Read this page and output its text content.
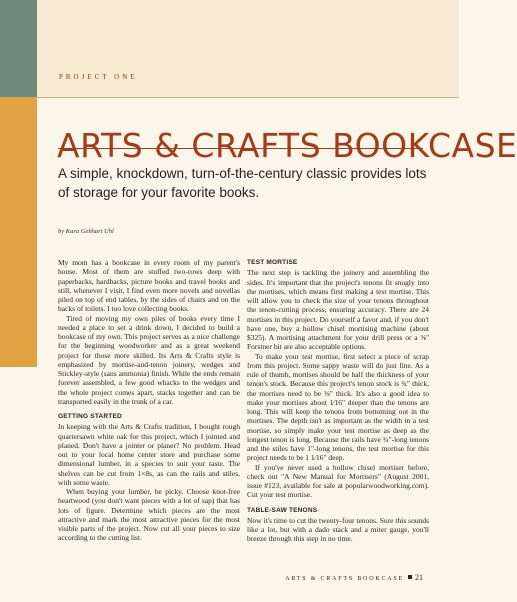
PROJECT ONE
ARTS & CRAFTS BOOKCASE
A simple, knockdown, turn-of-the-century classic provides lots of storage for your favorite books.
by Kara Gebhart Uhl

My mom has a bookcase in every room of my parent's house. Most of them are stuffed two-rows deep with paperbacks, hardbacks, picture books and travel books and still, whenever I visit, I find even more novels and novellas piled on top of end tables, by the sides of chairs and on the backs of toilets. I too love collecting books.

Tired of moving my own piles of books every time I needed a place to set a drink down, I decided to build a bookcase of my own. This project serves as a nice challenge for the beginning woodworker and as a great weekend project for those more skilled. Its Arts & Crafts style is emphasized by mortise-and-tenon joinery, wedges and Stickley-style (sans ammonia) finish. While the ends remain forever assembled, a few good whacks to the wedges and the whole project comes apart, stacks together and can be transported easily in the trunk of a car.

GETTING STARTED

In keeping with the Arts & Crafts tradition, I bought rough quartersawn white oak for this project, which I jointed and planed. Don't have a jointer or planer? No problem. Head out to your local home center store and purchase some dimensional lumber, in a species to suit your taste. The shelves can be cut from 1×8s, as can the rails and stiles, with some waste.

When buying your lumber, be picky. Choose knot-free heartwood (you don't want pieces with a lot of sap) that has lots of figure. Determine which pieces are the most attractive and mark the most attractive pieces for the most visible parts of the project. Now cut all your pieces to size according to the cutting list.

TEST MORTISE

The next step is tackling the joinery and assembling the sides. It's important that the project's tenons fit snugly into the mortises, which means first making a test mortise. This will allow you to check the size of your tenons throughout the tenon-cutting process, ensuring accuracy. There are 24 mortises in this project. Do yourself a favor and, if you don't have one, buy a hollow chisel mortising machine (about $325). A mortising attachment for your drill press or a ⅜" Forstner bit are also acceptable options.

To make your test mortise, first select a piece of scrap from this project. Some sappy waste will do just fine. As a rule of thumb, mortises should be half the thickness of your tenon's stock. Because this project's tenon stock is ¾" thick, the mortises need to be ⅜" thick. It's also a good idea to make your mortises about 1⁄16" deeper than the tenons are long. This will keep the tenons from bottoming out in the mortises. The depth isn't as important as the width in a test mortise, so simply make your test mortise as deep as the longest tenon is long. Because the rails have ¾"-long tenons and the stiles have 1"-long tenons, the test mortise for this project needs to be 1 1⁄16" deep.

If you've never used a hollow chisel mortiser before, check out "A New Manual for Mortisers" (August 2001, issue #123, available for sale at popularwoodworking.com). Cut your test mortise.

TABLE-SAW TENONS

Now it's time to cut the twenty-four tenons. Sure this sounds like a lot, but with a dado stack and a miter gauge, you'll breeze through this step in no time.

ARTS & CRAFTS BOOKCASE 21
